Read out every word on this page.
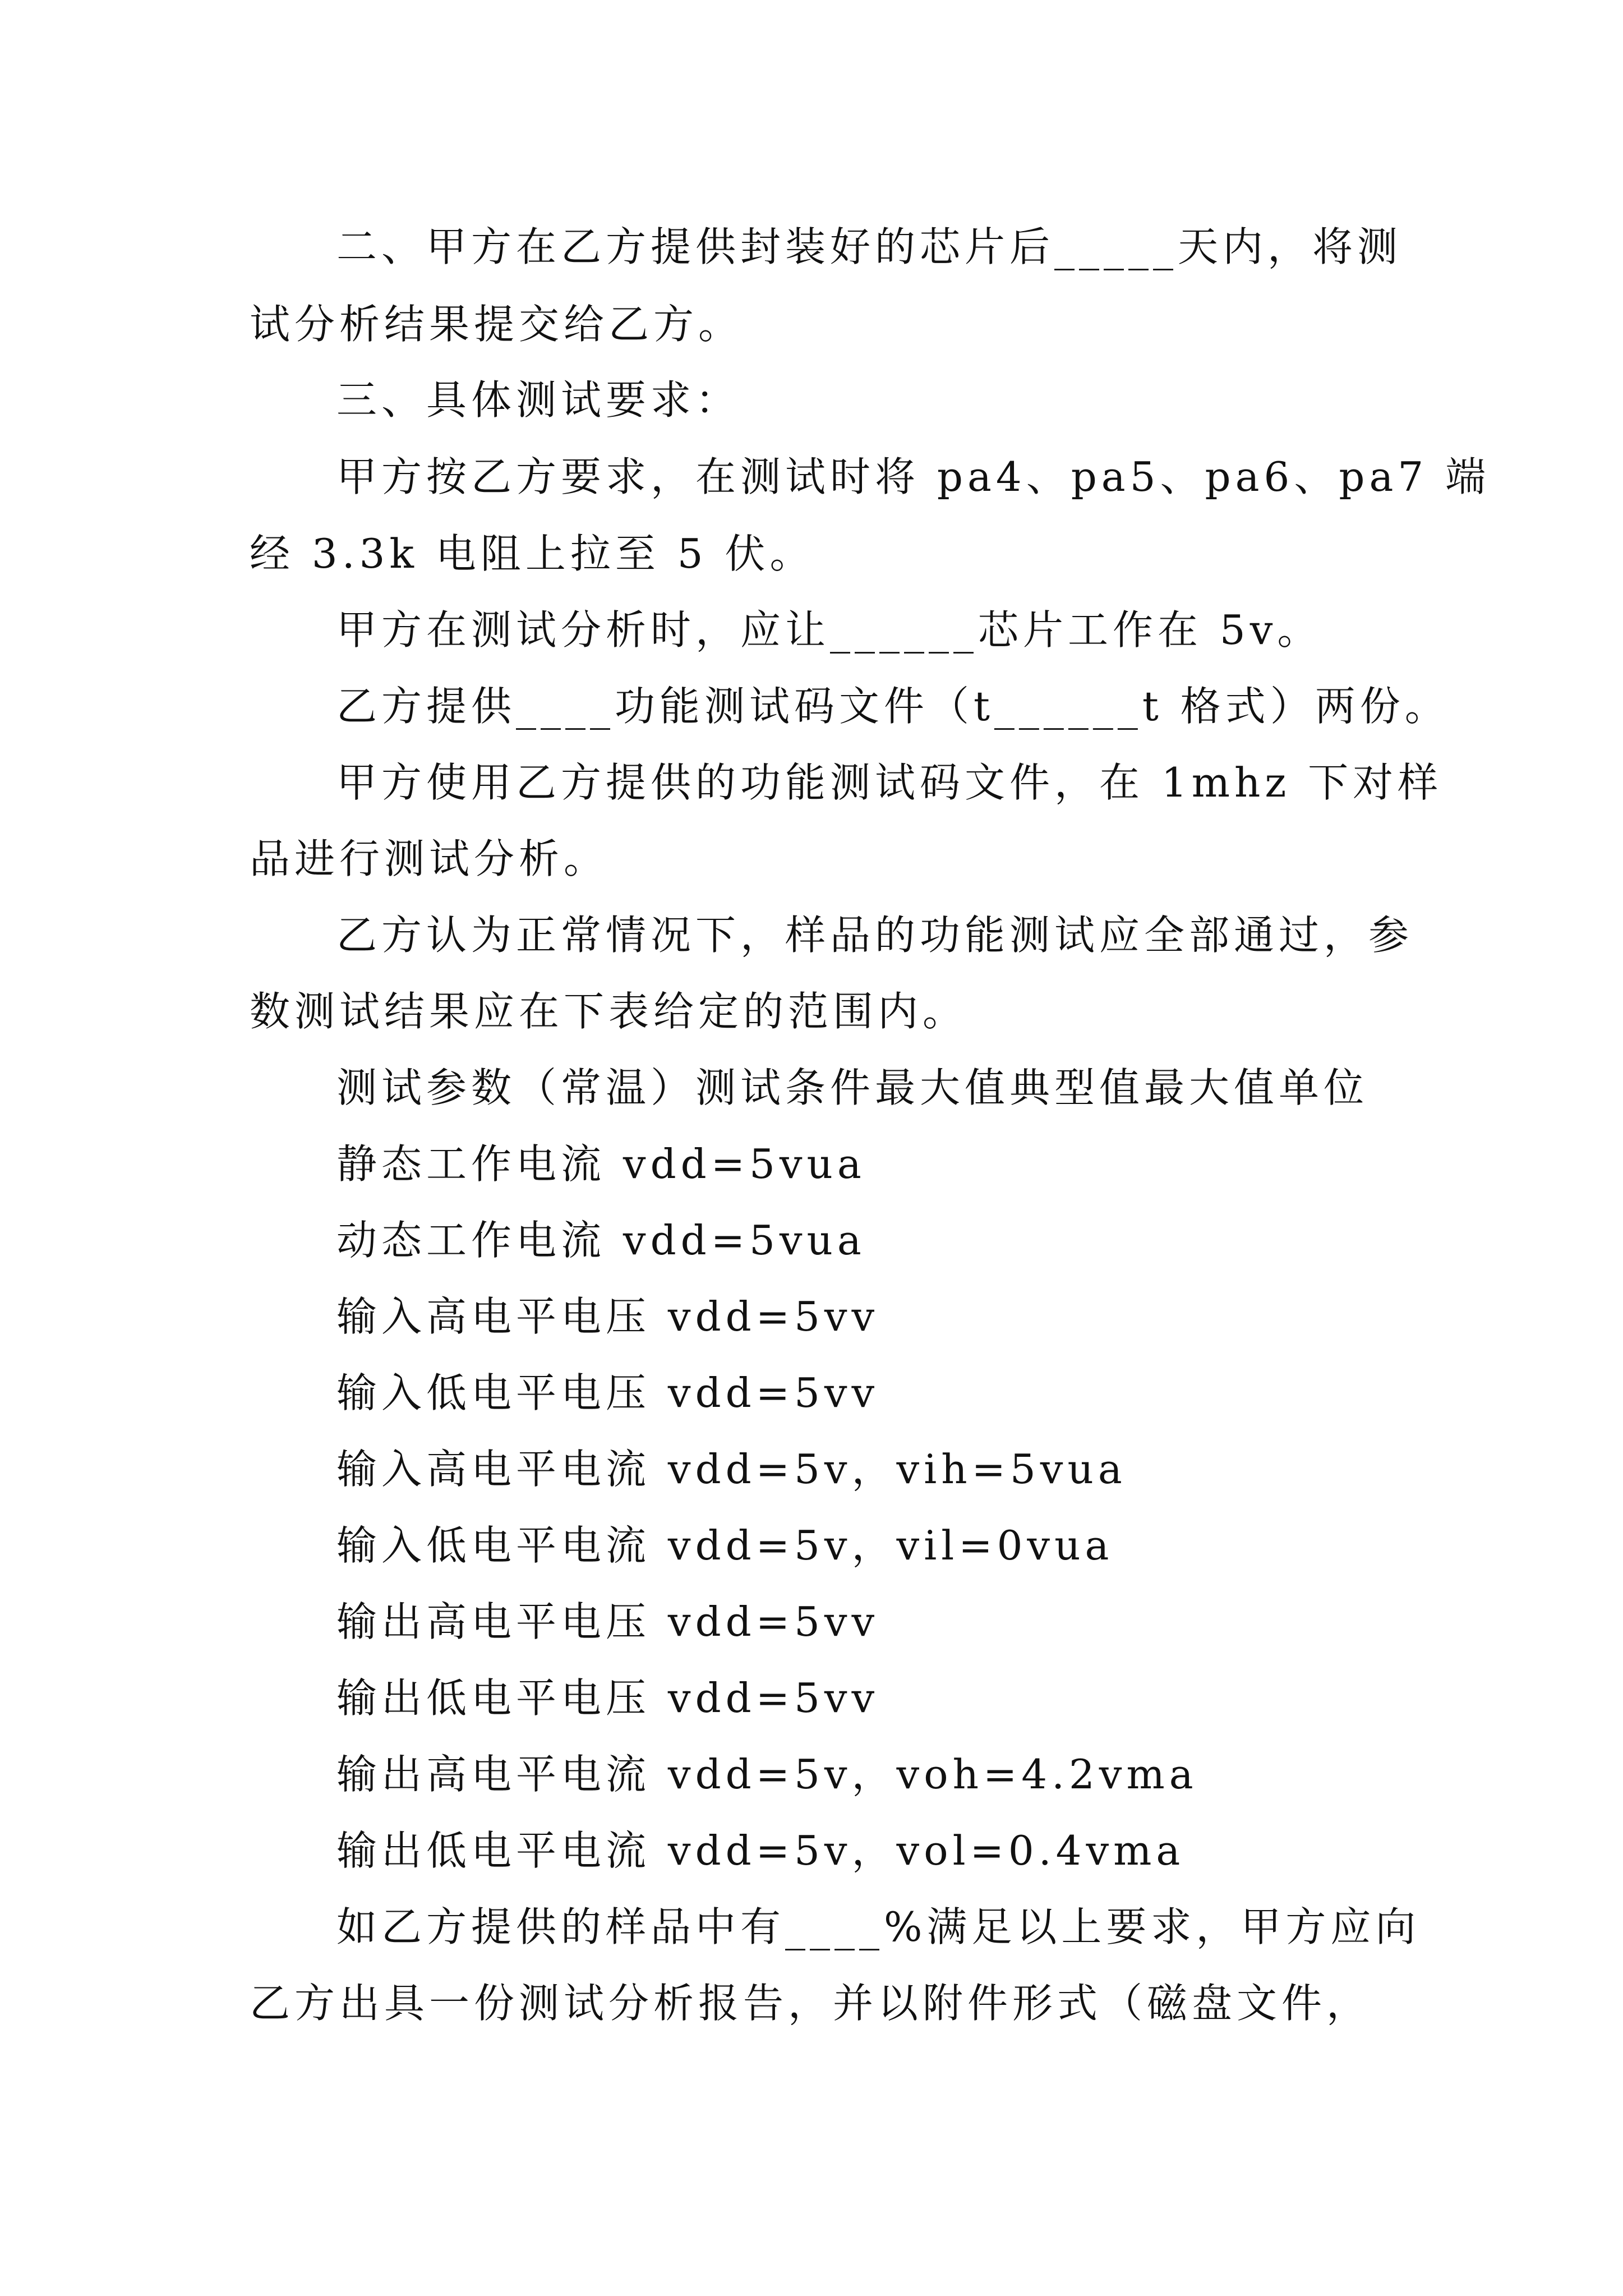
二、甲方在乙方提供封装好的芯片后_____天内，将测
试分析结果提交给乙方。
三、具体测试要求：
甲方按乙方要求，在测试时将 pa4、pa5、pa6、pa7 端
经 3.3k 电阻上拉至 5 伏。
甲方在测试分析时，应让______芯片工作在 5v。
乙方提供____功能测试码文件（t______t 格式）两份。
甲方使用乙方提供的功能测试码文件，在 1mhz 下对样
品进行测试分析。
乙方认为正常情况下，样品的功能测试应全部通过，参
数测试结果应在下表给定的范围内。
测试参数（常温）测试条件最大值典型值最大值单位
静态工作电流 vdd=5vua
动态工作电流 vdd=5vua
输入高电平电压 vdd=5vv
输入低电平电压 vdd=5vv
输入高电平电流 vdd=5v，vih=5vua
输入低电平电流 vdd=5v，vil=0vua
输出高电平电压 vdd=5vv
输出低电平电压 vdd=5vv
输出高电平电流 vdd=5v，voh=4.2vma
输出低电平电流 vdd=5v，vol=0.4vma
如乙方提供的样品中有____%满足以上要求，甲方应向
乙方出具一份测试分析报告，并以附件形式（磁盘文件，
